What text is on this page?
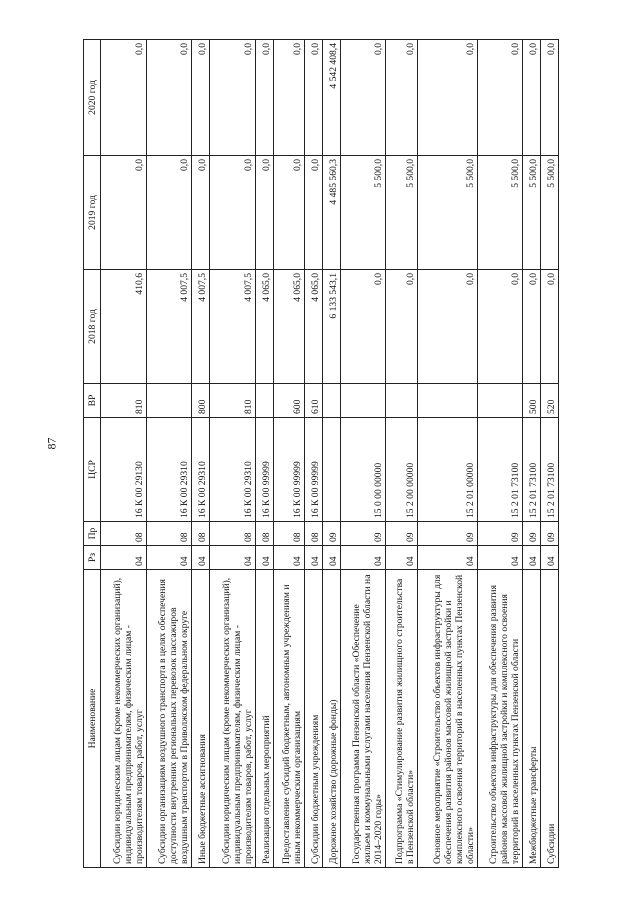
87
Наименование	Рз	Пр	ЦСР	ВР	2018 год	2019 год	2020 год
Субсидии юридическим лицам (кроме некоммерческих организаций), индивидуальным предпринимателям, физическим лицам - производителям товаров, работ, услуг	04	08	16 К 00 29130	810	410,6	0,0	0,0
Субсидии организациям воздушного транспорта в целях обеспечения доступности внутренних региональных перевозок пассажиров воздушным транспортом в Приволжском федеральном округе	04	08	16 К 00 29310		4 007,5	0,0	0,0
Иные бюджетные ассигнования	04	08	16 К 00 29310	800	4 007,5	0,0	0,0
Субсидии юридическим лицам (кроме некоммерческих организаций), индивидуальным предпринимателям, физическим лицам - производителям товаров, работ, услуг	04	08	16 К 00 29310	810	4 007,5	0,0	0,0
Реализация отдельных мероприятий	04	08	16 К 00 99999		4 065,0	0,0	0,0
Предоставление субсидий бюджетным, автономным учреждениям и иным некоммерческим организациям	04	08	16 К 00 99999	600	4 065,0	0,0	0,0
Субсидии бюджетным учреждениям	04	08	16 К 00 99999	610	4 065,0	0,0	0,0
Дорожное хозяйство (дорожные фонды)	04	09			6 133 543,1	4 485 560,3	4 542 408,4
Государственная программа Пензенской области «Обеспечение жильем и коммунальными услугами населения Пензенской области на 2014–2020 годы»	04	09	15 0 00 00000		0,0	5 500,0	0,0
Подпрограмма «Стимулирование развития жилищного строительства в Пензенской области»	04	09	15 2 00 00000		0,0	5 500,0	0,0
Основное мероприятие «Строительство объектов инфраструктуры для обеспечения развития районов массовой жилищной застройки и комплексного освоения территорий в населенных пунктах Пензенской области»	04	09	15 2 01 00000		0,0	5 500,0	0,0
Строительство объектов инфраструктуры для обеспечения развития районов массовой жилищной застройки и комплексного освоения территорий в населенных пунктах Пензенской области	04	09	15 2 01 73100		0,0	5 500,0	0,0
Межбюджетные трансферты	04	09	15 2 01 73100	500	0,0	5 500,0	0,0
Субсидии	04	09	15 2 01 73100	520	0,0	5 500,0	0,0
